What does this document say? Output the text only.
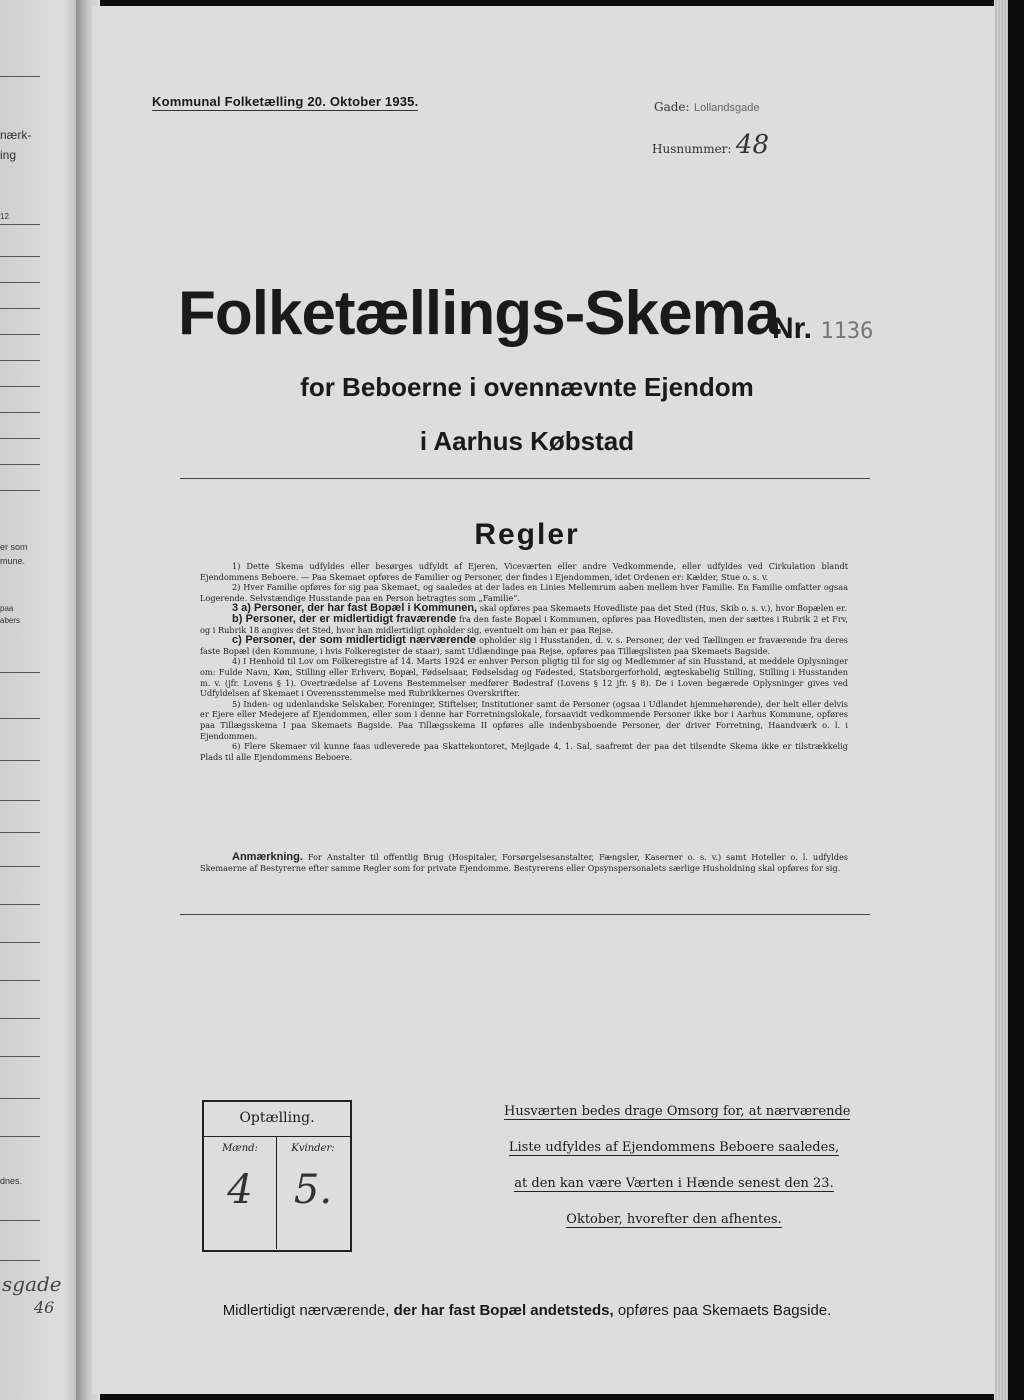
nærk-
ing
12
er som
mune.
paa
abers
dnes.
sgade
46
Kommunal Folketælling 20. Oktober 1935.	Gade: Lollandsgade
Husnummer: 48
Folketællings-Skema
Nr. 1136
for Beboerne i ovennævnte Ejendom
i Aarhus Købstad
Regler

1) Dette Skema udfyldes eller besørges udfyldt af Ejeren, Viceværten eller andre Vedkommende, eller udfyldes ved Cirkulation blandt Ejendommens Beboere. — Paa Skemaet opføres de Familier og Personer, der findes i Ejendommen, idet Ordenen er: Kælder, Stue o. s. v.

2) Hver Familie opføres for sig paa Skemaet, og saaledes at der lades en Linies Mellemrum aaben mellem hver Familie. En Familie omfatter ogsaa Logerende. Selvstændige Husstande paa en Person betragtes som „Familie“.

3 a) Personer, der har fast Bopæl i Kommunen, skal opføres paa Skemaets Hovedliste paa det Sted (Hus, Skib o. s. v.), hvor Bopælen er.

b) Personer, der er midlertidigt fraværende fra den faste Bopæl i Kommunen, opføres paa Hovedlisten, men der sættes i Rubrik 2 et Frv, og i Rubrik 18 angives det Sted, hvor han midlertidigt opholder sig, eventuelt om han er paa Rejse.

c) Personer, der som midlertidigt nærværende opholder sig i Husstanden, d. v. s. Personer, der ved Tællingen er fraværende fra deres faste Bopæl (den Kommune, i hvis Folkeregister de staar), samt Udlændinge paa Rejse, opføres paa Tillægslisten paa Skemaets Bagside.

4) I Henhold til Lov om Folkeregistre af 14. Marts 1924 er enhver Person pligtig til for sig og Medlemmer af sin Husstand, at meddele Oplysninger om: Fulde Navn, Køn, Stilling eller Erhverv, Bopæl, Fødselsaar, Fødselsdag og Fødested, Statsborgerforhold, ægteskabelig Stilling, Stilling i Husstanden m. v. (jfr. Lovens § 1). Overtrædelse af Lovens Bestemmelser medfører Bødestraf (Lovens § 12 jfr. § 8). De i Loven begærede Oplysninger gives ved Udfyldelsen af Skemaet i Overensstemmelse med Rubrikkernes Overskrifter.

5) Inden- og udenlandske Selskaber, Foreninger, Stiftelser, Institutioner samt de Personer (ogsaa i Udlandet hjemmehørende), der helt eller delvis er Ejere eller Medejere af Ejendommen, eller som i denne har Forretningslokale, forsaavidt vedkommende Personer ikke bor i Aarhus Kommune, opføres paa Tillægsskema I paa Skemaets Bagside. Paa Tillægsskema II opføres alle indenbysboende Personer, der driver Forretning, Haandværk o. l. i Ejendommen.

6) Flere Skemaer vil kunne faas udleverede paa Skattekontoret, Mejlgade 4, 1. Sal, saafremt der paa det tilsendte Skema ikke er tilstrækkelig Plads til alle Ejendommens Beboere.

Anmærkning. For Anstalter til offentlig Brug (Hospitaler, Forsørgelsesanstalter, Fængsler, Kaserner o. s. v.) samt Hoteller o. l. udfyldes Skemaerne af Bestyrerne efter samme Regler som for private Ejendomme. Bestyrerens eller Opsynspersonalets særlige Husholdning skal opføres for sig.
Optælling.
Mænd:
4
Kvinder:
5.
Husværten bedes drage Omsorg for, at nærværende
Liste udfyldes af Ejendommens Beboere saaledes,
at den kan være Værten i Hænde senest den 23.
Oktober, hvorefter den afhentes.
Midlertidigt nærværende, der har fast Bopæl andetsteds, opføres paa Skemaets Bagside.
